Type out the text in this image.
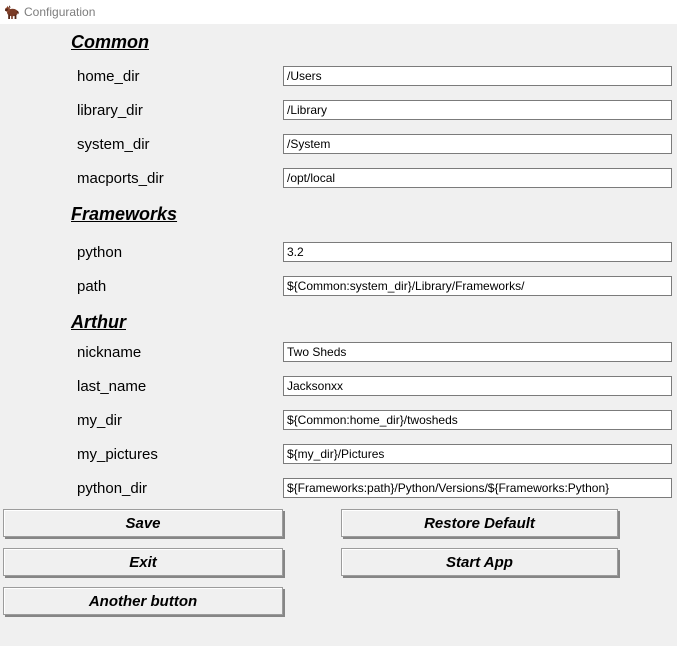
Configuration
Common
home_dir
/Users
library_dir
/Library
system_dir
/System
macports_dir
/opt/local
Frameworks
python
3.2
path
${Common:system_dir}/Library/Frameworks/
Arthur
nickname
Two Sheds
last_name
Jacksonxx
my_dir
${Common:home_dir}/twosheds
my_pictures
${my_dir}/Pictures
python_dir
${Frameworks:path}/Python/Versions/${Frameworks:Python}
Save	Restore Default
Exit	Start App
Another button
